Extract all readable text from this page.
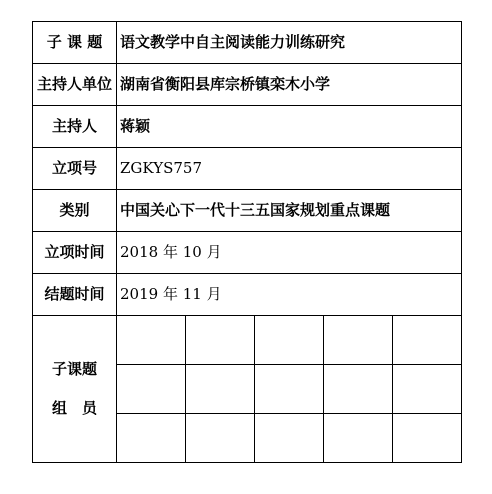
子 课 题	语文教学中自主阅读能力训练研究				
主持人单位	湖南省衡阳县库宗桥镇栾木小学				
主持人	蒋颖				
立项号	ZGKYS757				
类别	中国关心下一代十三五国家规划重点课题				
立项时间	2018 年 10 月				
结题时间	2019 年 11 月				

子课题
组　员					
